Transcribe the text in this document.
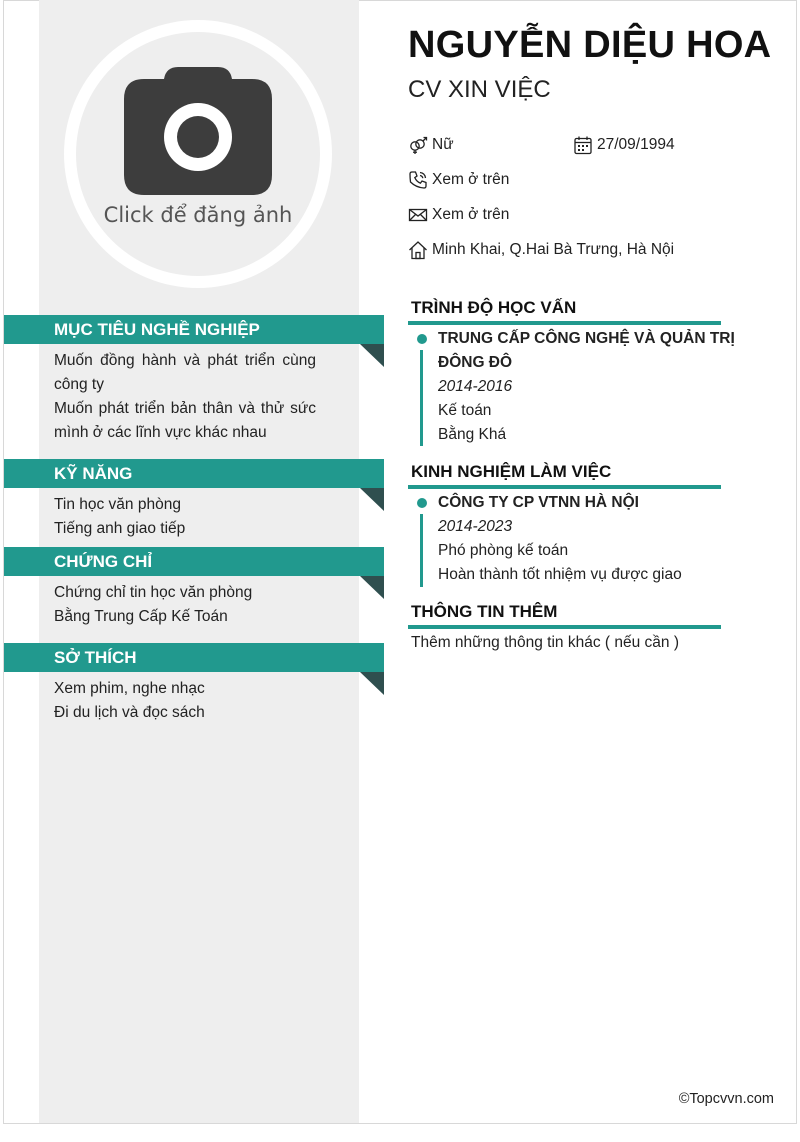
Click để đăng ảnh
MỤC TIÊU NGHỀ NGHIỆP

Muốn đồng hành và phát triển cùng công ty

Muốn phát triển bản thân và thử sức mình ở các lĩnh vực khác nhau

KỸ NĂNG

Tin học văn phòng

Tiếng anh giao tiếp

CHỨNG CHỈ

Chứng chỉ tin học văn phòng

Bằng Trung Cấp Kế Toán

SỞ THÍCH

Xem phim, nghe nhạc

Đi du lịch và đọc sách

NGUYỄN DIỆU HOA
CV XIN VIỆC
Nữ	27/09/1994
Xem ở trên
Xem ở trên
Minh Khai, Q.Hai Bà Trưng, Hà Nội
TRÌNH ĐỘ HỌC VẤN

TRUNG CẤP CÔNG NGHỆ VÀ QUẢN TRỊ ĐÔNG ĐÔ

2014-2016

Kế toán

Bằng Khá

KINH NGHIỆM LÀM VIỆC

CÔNG TY CP VTNN HÀ NỘI

2014-2023

Phó phòng kế toán

Hoàn thành tốt nhiệm vụ được giao

THÔNG TIN THÊM
Thêm những thông tin khác ( nếu cần )
©Topcvvn.com
